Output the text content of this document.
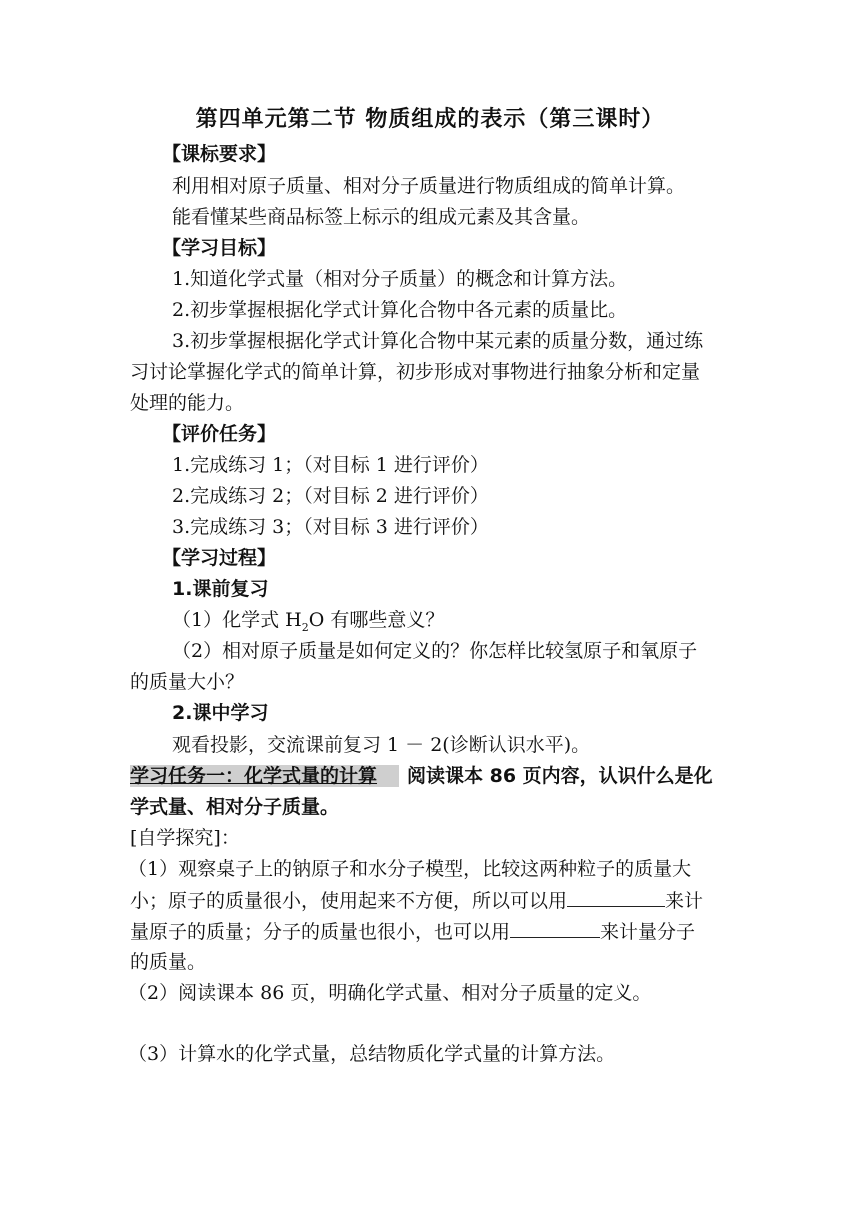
第四单元第二节 物质组成的表示（第三课时）
【课标要求】
利用相对原子质量、相对分子质量进行物质组成的简单计算。
能看懂某些商品标签上标示的组成元素及其含量。
【学习目标】
1.知道化学式量（相对分子质量）的概念和计算方法。
2.初步掌握根据化学式计算化合物中各元素的质量比。
3.初步掌握根据化学式计算化合物中某元素的质量分数，通过练
习讨论掌握化学式的简单计算，初步形成对事物进行抽象分析和定量
处理的能力。
【评价任务】
1.完成练习 1；（对目标 1 进行评价）
2.完成练习 2；（对目标 2 进行评价）
3.完成练习 3；（对目标 3 进行评价）
【学习过程】
1.课前复习
（1）化学式 $H_2O$ 有哪些意义？
（2）相对原子质量是如何定义的？你怎样比较氢原子和氧原子
的质量大小？
2.课中学习
观看投影，交流课前复习 1 － 2(诊断认识水平)。
学习任务一：化学式量的计算 阅读课本 86 页内容，认识什么是化
学式量、相对分子质量。
[自学探究]：
（1）观察桌子上的钠原子和水分子模型，比较这两种粒子的质量大
小；原子的质量很小，使用起来不方便，所以可以用	来计
量原子的质量；分子的质量也很小，也可以用	来计量分子
的质量。
（2）阅读课本 86 页，明确化学式量、相对分子质量的定义。
（3）计算水的化学式量，总结物质化学式量的计算方法。
